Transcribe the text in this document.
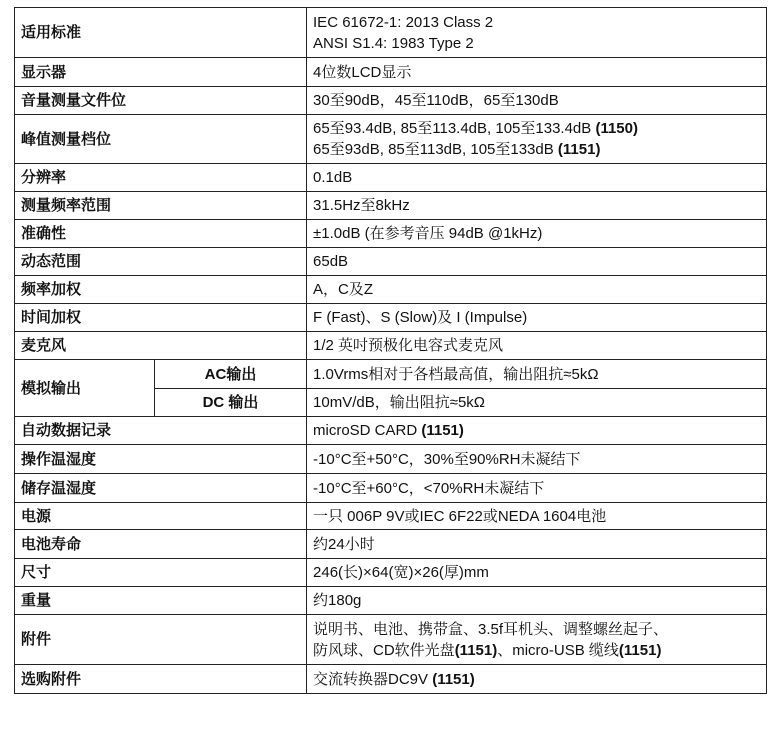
适用标准		IEC 61672-1: 2013 Class 2
ANSI S1.4: 1983 Type 2

显示器		4位数LCD显示

音量测量文件位		30至90dB，45至110dB，65至130dB

峰值测量档位		65至93.4dB, 85至113.4dB, 105至133.4dB (1150)
65至93dB, 85至113dB, 105至133dB (1151)

分辨率		0.1dB

测量频率范围		31.5Hz至8kHz

准确性		±1.0dB (在参考音压 94dB @1kHz)

动态范围		65dB

频率加权		A，C及Z

时间加权		F (Fast)、S (Slow)及 I (Impulse)

麦克风		1/2 英吋预极化电容式麦克风

模拟输出	AC输出	1.0Vrms相对于各档最高值，输出阻抗≈5kΩ

	DC 输出	10mV/dB，输出阻抗≈5kΩ

自动数据记录		microSD CARD (1151)

操作温湿度		-10°C至+50°C，30%至90%RH未凝结下

储存温湿度		-10°C至+60°C，<70%RH未凝结下

电源		一只 006P 9V或IEC 6F22或NEDA 1604电池

电池寿命		约24小时

尺寸		246(长)×64(宽)×26(厚)mm

重量		约180g

附件		说明书、电池、携带盒、3.5f耳机头、调整螺丝起子、
防风球、CD软件光盘(1151)、micro-USB 缆线(1151)

选购附件		交流转换器DC9V (1151)
